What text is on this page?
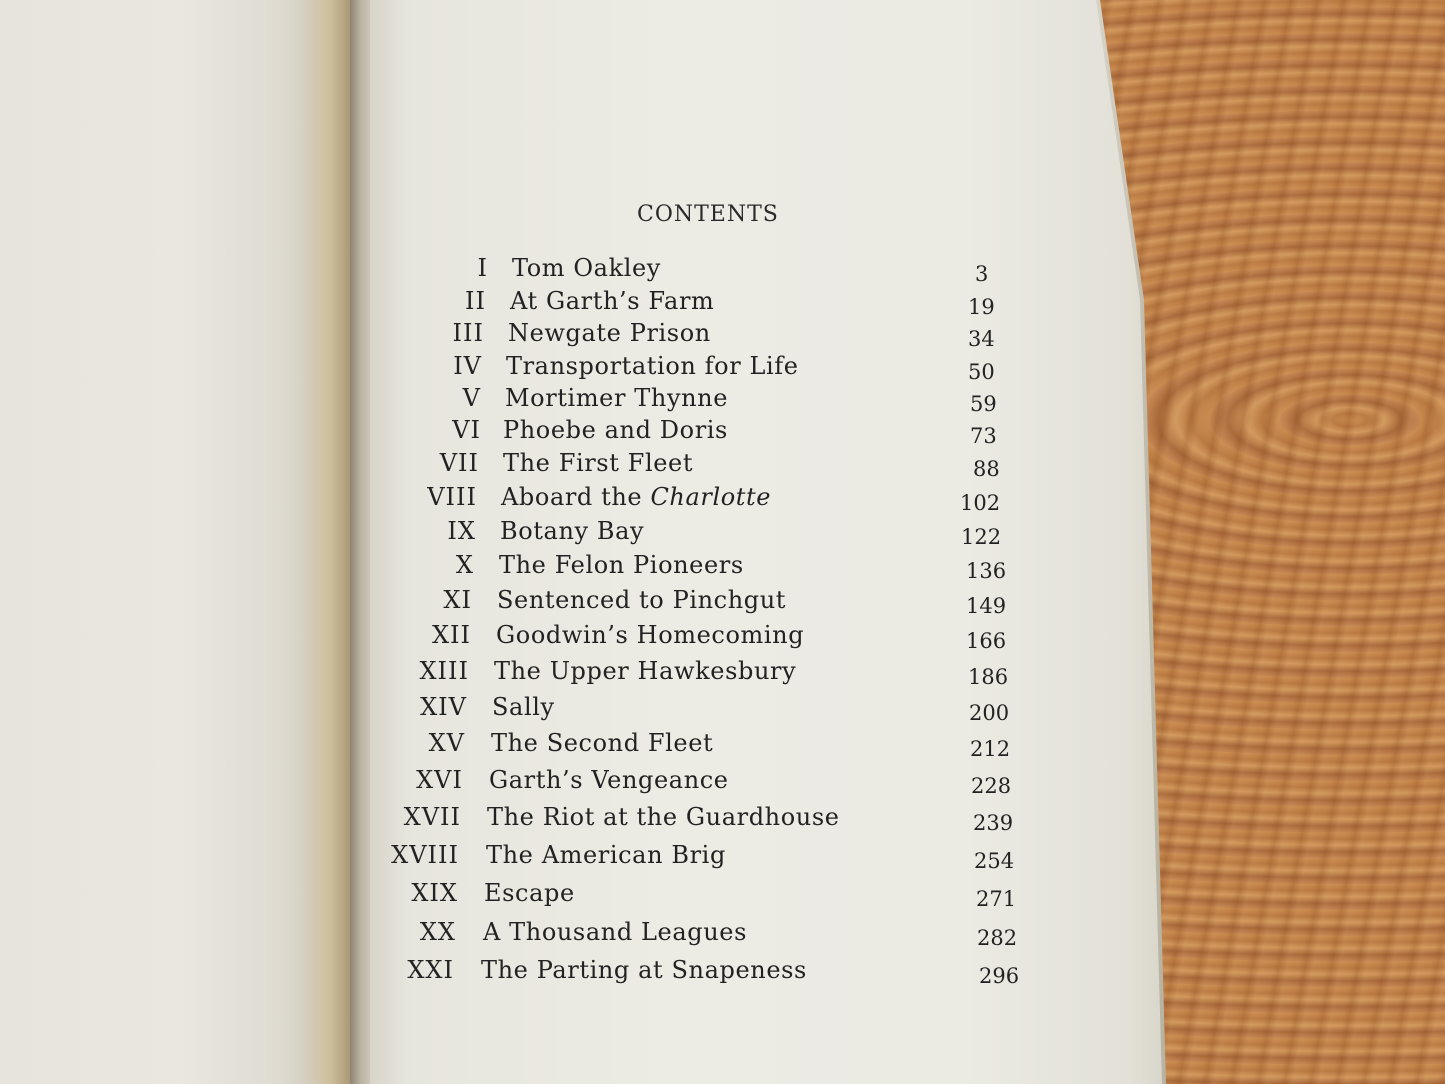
CONTENTS
I Tom Oakley	3
II At Garth’s Farm	19
III Newgate Prison	34
IV Transportation for Life	50
V Mortimer Thynne	59
VI Phoebe and Doris	73
VII The First Fleet	88
VIII Aboard the Charlotte	102
IX Botany Bay	122
X The Felon Pioneers	136
XI Sentenced to Pinchgut	149
XII Goodwin’s Homecoming	166
XIII The Upper Hawkesbury	186
XIV Sally	200
XV The Second Fleet	212
XVI Garth’s Vengeance	228
XVII The Riot at the Guardhouse	239
XVIII The American Brig	254
XIX Escape	271
XX A Thousand Leagues	282
XXI The Parting at Snapeness	296
